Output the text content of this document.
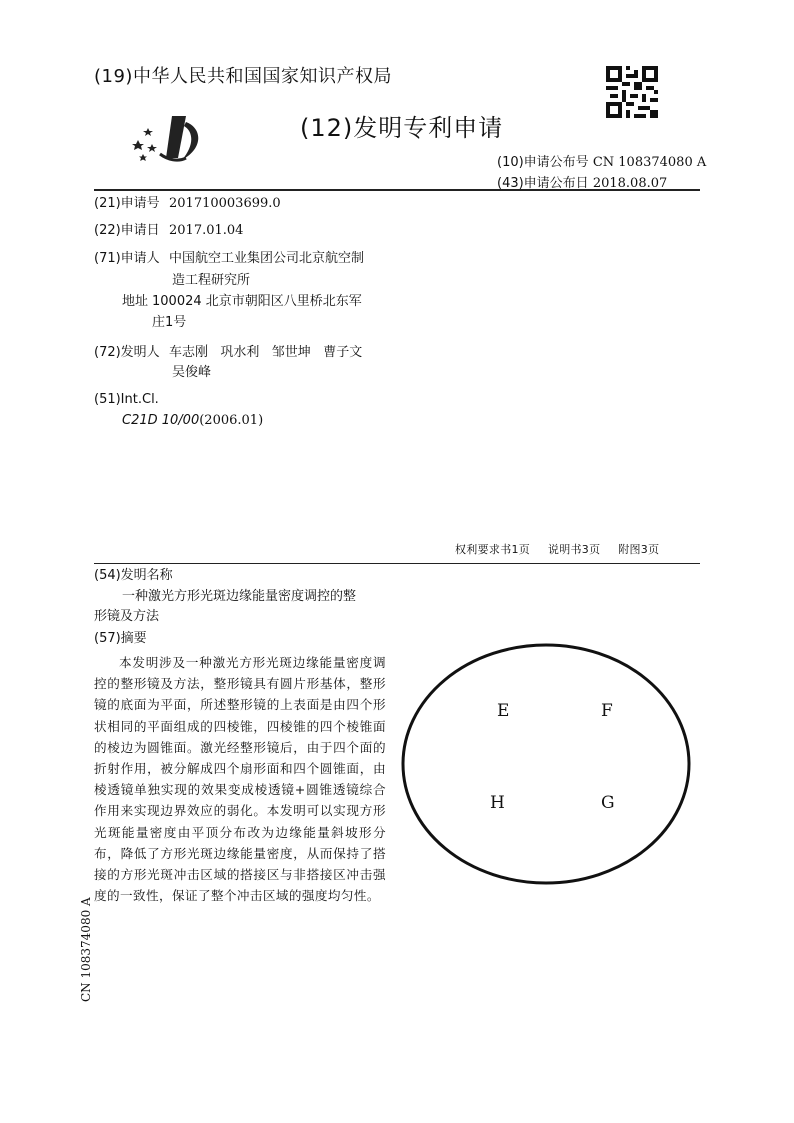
(19)中华人民共和国国家知识产权局
(12)发明专利申请
(10)申请公布号 CN 108374080 A
(43)申请公布日 2018.08.07
(21)申请号 201710003699.0
(22)申请日 2017.01.04
(71)申请人 中国航空工业集团公司北京航空制
造工程研究所
地址 100024 北京市朝阳区八里桥北东军
庄1号
(72)发明人 车志刚   巩水利   邹世坤   曹子文
吴俊峰
(51)Int.Cl.
C21D 10/00(2006.01)
权利要求书1页 说明书3页 附图3页
(54)发明名称
一种激光方形光斑边缘能量密度调控的整
形镜及方法
(57)摘要
本发明涉及一种激光方形光斑边缘能量密度调控的整形镜及方法，整形镜具有圆片形基体，整形镜的底面为平面，所述整形镜的上表面是由四个形状相同的平面组成的四棱锥，四棱锥的四个棱锥面的棱边为圆锥面。激光经整形镜后，由于四个面的折射作用，被分解成四个扇形面和四个圆锥面，由棱透镜单独实现的效果变成棱透镜+圆锥透镜综合作用来实现边界效应的弱化。本发明可以实现方形光斑能量密度由平顶分布改为边缘能量斜坡形分布，降低了方形光斑边缘能量密度，从而保持了搭接的方形光斑冲击区域的搭接区与非搭接区冲击强度的一致性，保证了整个冲击区域的强度均匀性。
E	F
H	G
CN 108374080 A
